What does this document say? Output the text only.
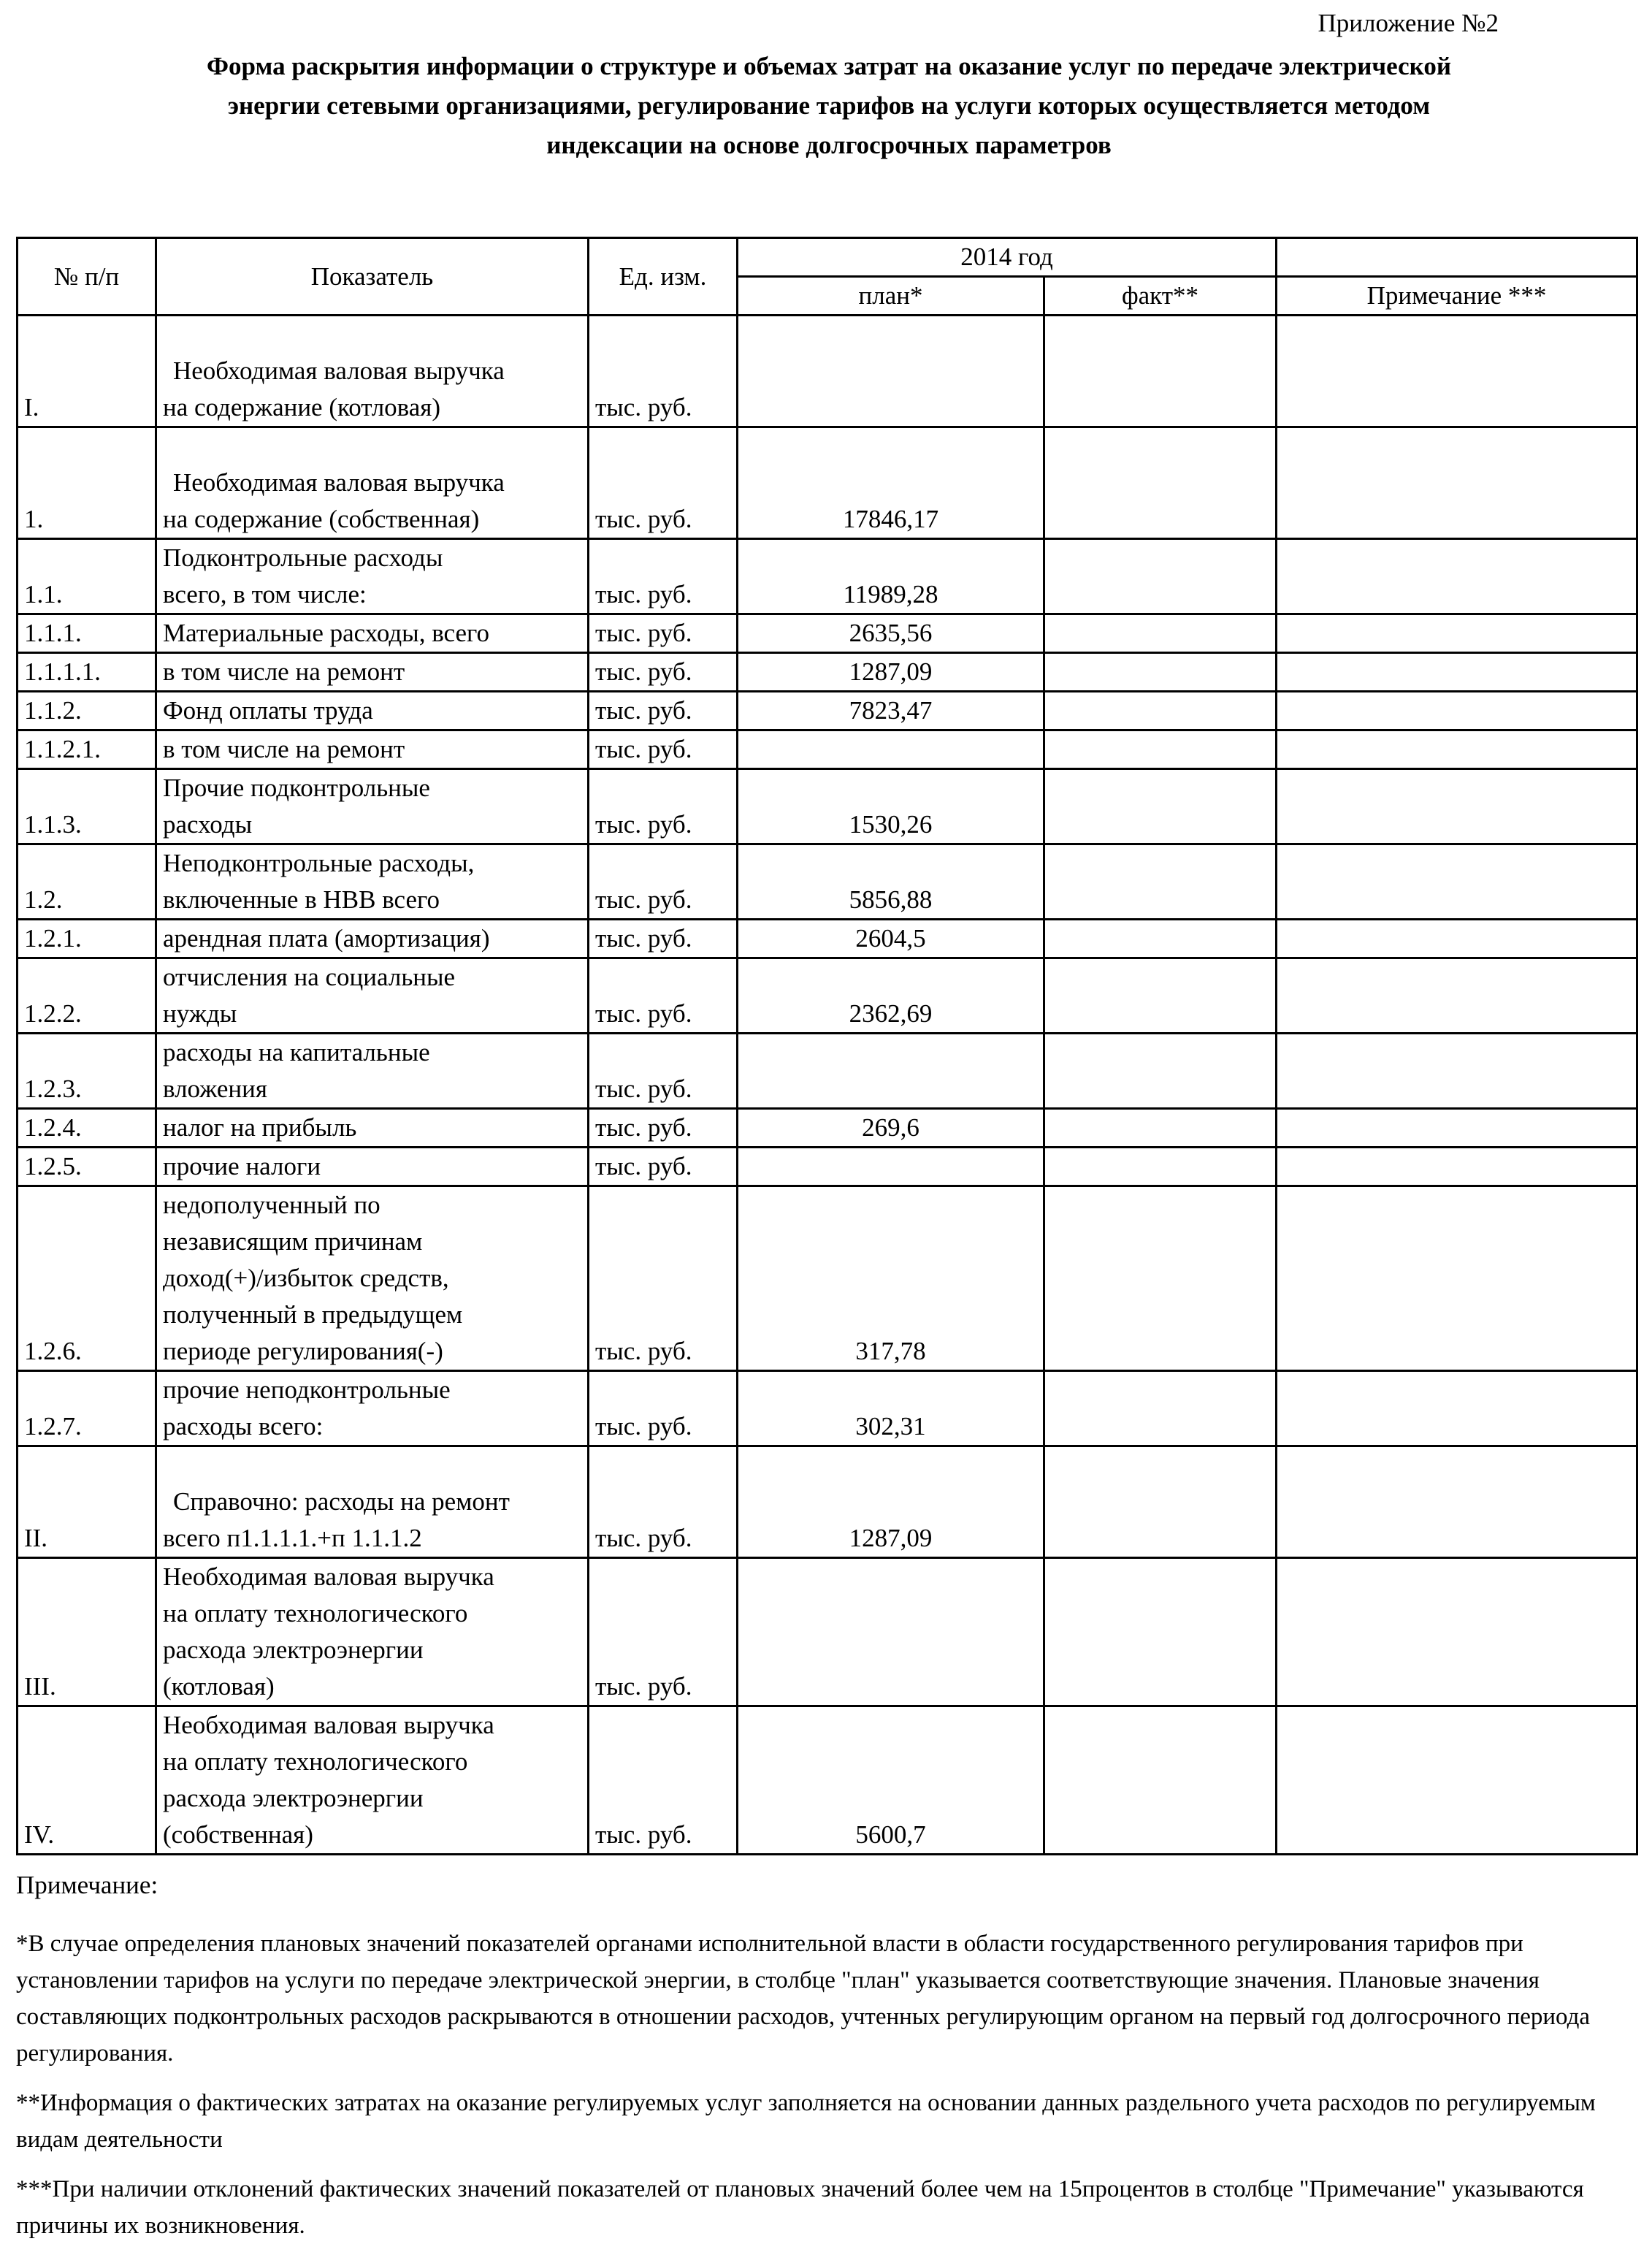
Приложение №2
Форма раскрытия информации о структуре и объемах затрат на оказание услуг по передаче электрической
энергии сетевыми организациями, регулирование тарифов на услуги которых осуществляется методом
индексации на основе долгосрочных параметров
№ п/п	Показатель	Ед. изм.	2014 год		
			план*	факт**	Примечание ***
I.	Необходимая валовая выручка
на содержание (котловая)	тыс. руб.			
1.	Необходимая валовая выручка
на содержание (собственная)	тыс. руб.	17846,17		
1.1.	Подконтрольные расходы
всего, в том числе:	тыс. руб.	11989,28		
1.1.1.	Материальные расходы, всего	тыс. руб.	2635,56		
1.1.1.1.	в том числе на ремонт	тыс. руб.	1287,09		
1.1.2.	Фонд оплаты труда	тыс. руб.	7823,47		
1.1.2.1.	в том числе на ремонт	тыс. руб.			
1.1.3.	Прочие подконтрольные
расходы	тыс. руб.	1530,26		
1.2.	Неподконтрольные расходы,
включенные в НВВ всего	тыс. руб.	5856,88		
1.2.1.	арендная плата (амортизация)	тыс. руб.	2604,5		
1.2.2.	отчисления на социальные
нужды	тыс. руб.	2362,69		
1.2.3.	расходы на капитальные
вложения	тыс. руб.			
1.2.4.	налог на прибыль	тыс. руб.	269,6		
1.2.5.	прочие налоги	тыс. руб.			
1.2.6.	недополученный по
независящим причинам
доход(+)/избыток средств,
полученный в предыдущем
периоде регулирования(-)	тыс. руб.	317,78		
1.2.7.	прочие неподконтрольные
расходы всего:	тыс. руб.	302,31		
II.	Справочно: расходы на ремонт
всего п1.1.1.1.+п 1.1.1.2	тыс. руб.	1287,09		
III.	Необходимая валовая выручка
на оплату технологического
расхода электроэнергии
(котловая)	тыс. руб.			
IV.	Необходимая валовая выручка
на оплату технологического
расхода электроэнергии
(собственная)	тыс. руб.	5600,7		

Примечание:

*В случае определения плановых значений показателей органами исполнительной власти в области государственного регулирования тарифов при установлении тарифов на услуги по передаче электрической энергии, в столбце "план" указывается соответствующие значения. Плановые значения составляющих подконтрольных расходов раскрываются в отношении расходов, учтенных регулирующим органом на первый год долгосрочного периода регулирования.

**Информация о фактических затратах на оказание регулируемых услуг заполняется на основании данных раздельного учета расходов по регулируемым видам деятельности

***При наличии отклонений фактических значений показателей от плановых значений более чем на 15процентов в столбце "Примечание" указываются причины их возникновения.
